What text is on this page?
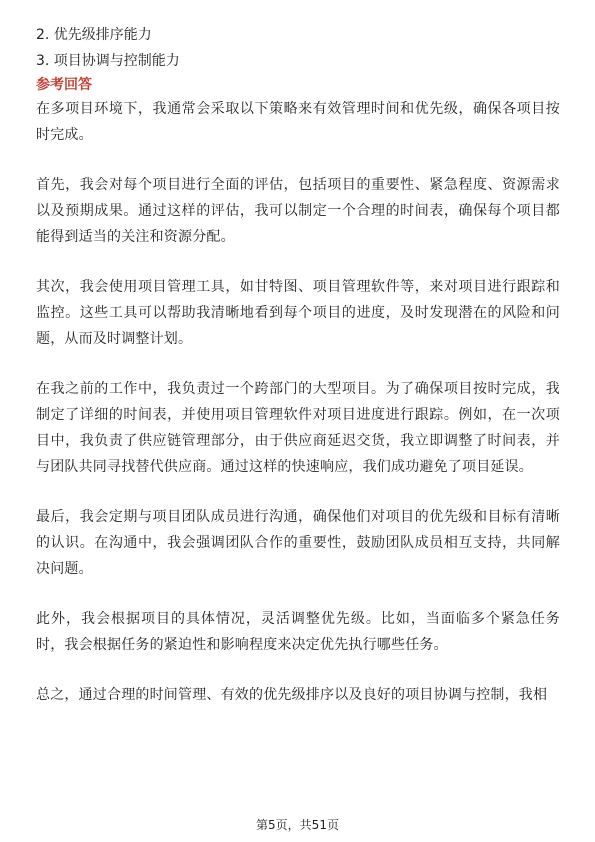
2. 优先级排序能力
3. 项目协调与控制能力
参考回答

在多项目环境下，我通常会采取以下策略来有效管理时间和优先级，确保各项目按时完成。

首先，我会对每个项目进行全面的评估，包括项目的重要性、紧急程度、资源需求以及预期成果。通过这样的评估，我可以制定一个合理的时间表，确保每个项目都能得到适当的关注和资源分配。

其次，我会使用项目管理工具，如甘特图、项目管理软件等，来对项目进行跟踪和监控。这些工具可以帮助我清晰地看到每个项目的进度，及时发现潜在的风险和问题，从而及时调整计划。

在我之前的工作中，我负责过一个跨部门的大型项目。为了确保项目按时完成，我制定了详细的时间表，并使用项目管理软件对项目进度进行跟踪。例如，在一次项目中，我负责了供应链管理部分，由于供应商延迟交货，我立即调整了时间表，并与团队共同寻找替代供应商。通过这样的快速响应，我们成功避免了项目延误。

最后，我会定期与项目团队成员进行沟通，确保他们对项目的优先级和目标有清晰的认识。在沟通中，我会强调团队合作的重要性，鼓励团队成员相互支持，共同解决问题。

此外，我会根据项目的具体情况，灵活调整优先级。比如，当面临多个紧急任务时，我会根据任务的紧迫性和影响程度来决定优先执行哪些任务。

总之，通过合理的时间管理、有效的优先级排序以及良好的项目协调与控制，我相

第5页，共51页
